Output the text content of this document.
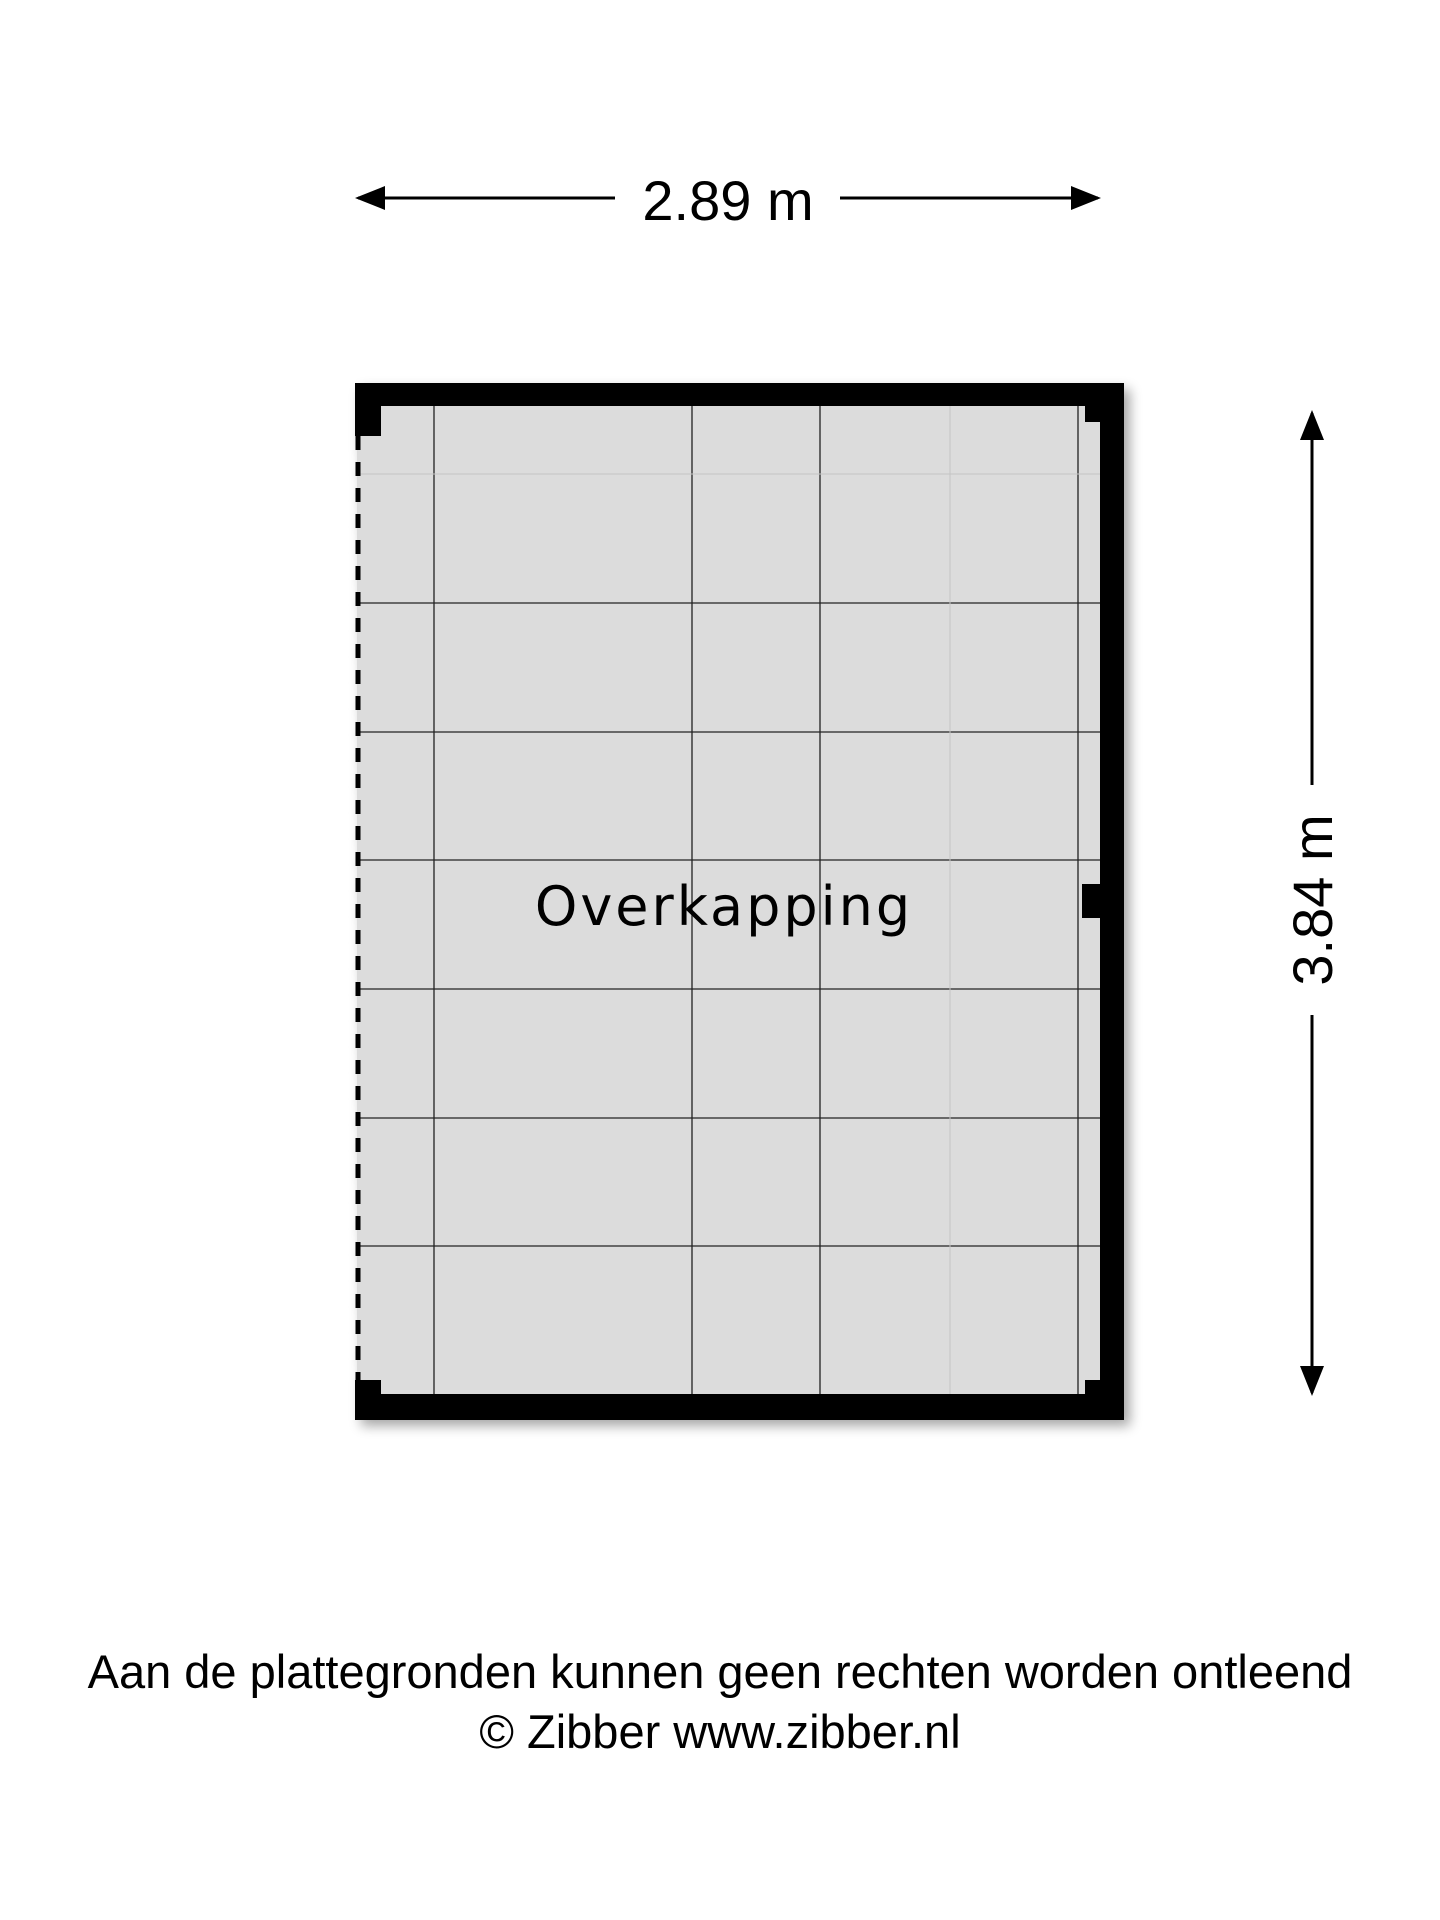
2.89 m
3.84 m
Overkapping
Aan de plattegronden kunnen geen rechten worden ontleend
© Zibber www.zibber.nl
